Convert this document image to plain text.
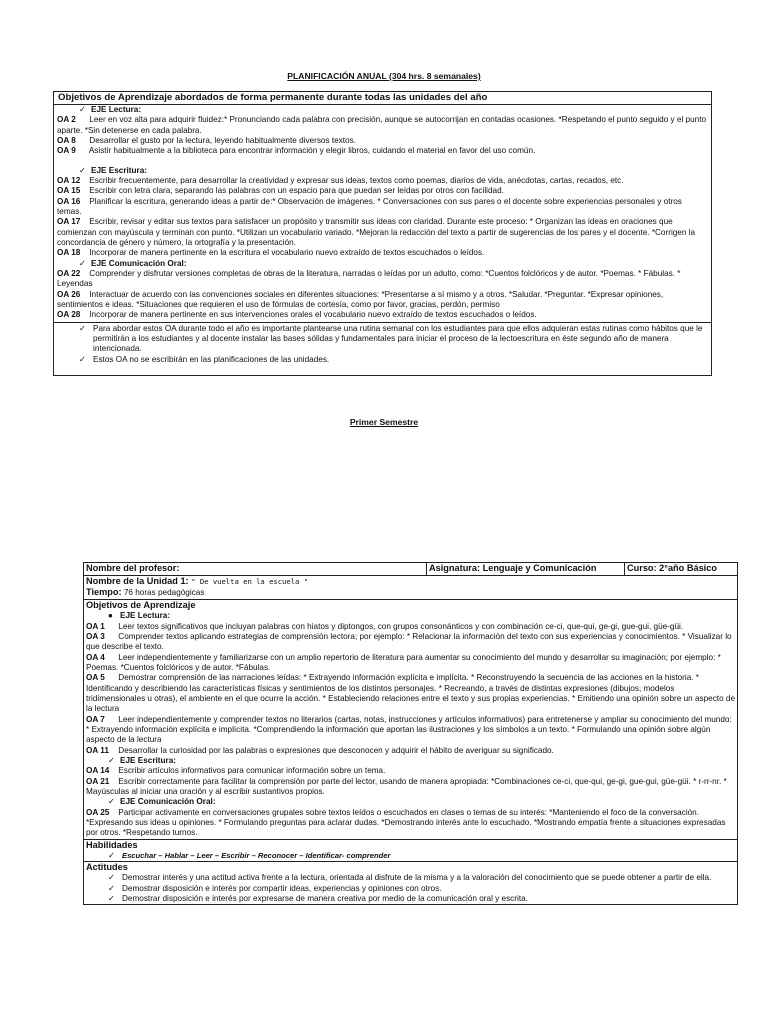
PLANIFICACIÓN ANUAL (304 hrs. 8 semanales)
Objetivos de Aprendizaje abordados de forma permanente durante todas las unidades del año
✓ EJE Lectura:
OA 2 Leer en voz alta para adquirir fluidez:* Pronunciando cada palabra con precisión, aunque se autocorrijan en contadas ocasiones. *Respetando el punto seguido y el punto aparte. *Sin detenerse en cada palabra.
OA 8 Desarrollar el gusto por la lectura, leyendo habitualmente diversos textos.
OA 9 Asistir habitualmente a la biblioteca para encontrar información y elegir libros, cuidando el material en favor del uso común.
✓ EJE Escritura:
OA 12 Escribir frecuentemente, para desarrollar la creatividad y expresar sus ideas, textos como poemas, diarios de vida, anécdotas, cartas, recados, etc.
OA 15 Escribir con letra clara, separando las palabras con un espacio para que puedan ser leídas por otros con facilidad.
OA 16 Planificar la escritura, generando ideas a partir de:* Observación de imágenes. * Conversaciones con sus pares o el docente sobre experiencias personales y otros temas.
OA 17 Escribir, revisar y editar sus textos para satisfacer un propósito y transmitir sus ideas con claridad. Durante este proceso: * Organizan las ideas en oraciones que comienzan con mayúscula y terminan con punto. *Utilizan un vocabulario variado. *Mejoran la redacción del texto a partir de sugerencias de los pares y el docente. *Corrigen la concordancia de género y número, la ortografía y la presentación.
OA 18 Incorporar de manera pertinente en la escritura el vocabulario nuevo extraído de textos escuchados o leídos.
✓ EJE Comunicación Oral:
OA 22 Comprender y disfrutar versiones completas de obras de la literatura, narradas o leídas por un adulto, como: *Cuentos folclóricos y de autor. *Poemas. * Fábulas. * Leyendas
OA 26 Interactuar de acuerdo con las convenciones sociales en diferentes situaciones: *Presentarse a sí mismo y a otros. *Saludar. *Preguntar. *Expresar opiniones, sentimientos e ideas. *Situaciones que requieren el uso de fórmulas de cortesía, como por favor, gracias, perdón, permiso
OA 28 Incorporar de manera pertinente en sus intervenciones orales el vocabulario nuevo extraído de textos escuchados o leídos.
✓ Para abordar estos OA durante todo el año es importante plantearse una rutina semanal con los estudiantes para que ellos adquieran estas rutinas como hábitos que le permitirán a los estudiantes y al docente instalar las bases sólidas y fundamentales para iniciar el proceso de la lectoescritura en éste segundo año de manera intencionada.
✓ Estos OA no se escribirán en las planificaciones de las unidades.
Primer Semestre
Nombre del profesor:	Asignatura: Lenguaje y Comunicación	Curso: 2°año Básico

Nombre de la Unidad 1: " De vuelta en la escuela "
Tiempo: 76 horas pedagógicas

Objetivos de Aprendizaje
● EJE Lectura:
OA 1 Leer textos significativos que incluyan palabras con hiatos y diptongos, con grupos consonánticos y con combinación ce-ci, que-qui, ge-gi, gue-gui, güe-güi.
OA 3 Comprender textos aplicando estrategias de comprensión lectora; por ejemplo: * Relacionar la información del texto con sus experiencias y conocimientos. * Visualizar lo que describe el texto.
OA 4 Leer independientemente y familiarizarse con un amplio repertorio de literatura para aumentar su conocimiento del mundo y desarrollar su imaginación; por ejemplo: * Poemas. *Cuentos folclóricos y de autor. *Fábulas.
OA 5 Demostrar comprensión de las narraciones leídas: * Extrayendo información explícita e implícita. * Reconstruyendo la secuencia de las acciones en la historia. * Identificando y describiendo las características físicas y sentimientos de los distintos personajes. * Recreando, a través de distintas expresiones (dibujos, modelos tridimensionales u otras), el ambiente en el que ocurre la acción. * Estableciendo relaciones entre el texto y sus propias experiencias. * Emitiendo una opinión sobre un aspecto de la lectura
OA 7 Leer independientemente y comprender textos no literarios (cartas, notas, instrucciones y artículos informativos) para entretenerse y ampliar su conocimiento del mundo: * Extrayendo información explícita e implícita. *Comprendiendo la información que aportan las ilustraciones y los símbolos a un texto. * Formulando una opinión sobre algún aspecto de la lectura
OA 11 Desarrollar la curiosidad por las palabras o expresiones que desconocen y adquirir el hábito de averiguar su significado.
✓ EJE Escritura:
OA 14 Escribir artículos informativos para comunicar información sobre un tema.
OA 21 Escribir correctamente para facilitar la comprensión por parte del lector, usando de manera apropiada: *Combinaciones ce-ci, que-qui, ge-gi, gue-gui, güe-güi. * r-rr-nr. * Mayúsculas al iniciar una oración y al escribir sustantivos propios.
✓ EJE Comunicación Oral:
OA 25 Participar activamente en conversaciones grupales sobre textos leídos o escuchados en clases o temas de su interés: *Manteniendo el foco de la conversación. *Expresando sus ideas u opiniones. * Formulando preguntas para aclarar dudas. *Demostrando interés ante lo escuchado. *Mostrando empatía frente a situaciones expresadas por otros. *Respetando turnos.

Habilidades
✓ Escuchar – Hablar – Leer – Escribir – Reconocer – Identificar- comprender

Actitudes
✓ Demostrar interés y una actitud activa frente a la lectura, orientada al disfrute de la misma y a la valoración del conocimiento que se puede obtener a partir de ella.
✓ Demostrar disposición e interés por compartir ideas, experiencias y opiniones con otros.
✓ Demostrar disposición e interés por expresarse de manera creativa por medio de la comunicación oral y escrita.
